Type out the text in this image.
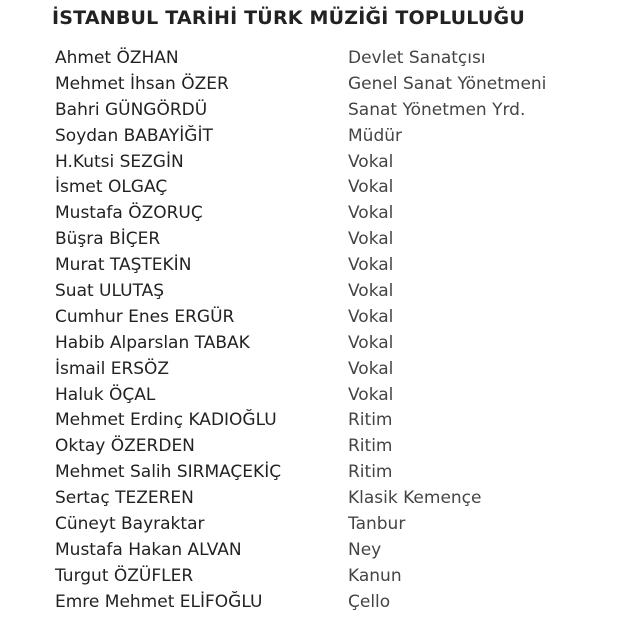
İSTANBUL TARİHİ TÜRK MÜZİĞİ TOPLULUĞU
Ahmet ÖZHAN	Devlet Sanatçısı
Mehmet İhsan ÖZER	Genel Sanat Yönetmeni
Bahri GÜNGÖRDÜ	Sanat Yönetmen Yrd.
Soydan BABAYİĞİT	Müdür
H.Kutsi SEZGİN	Vokal
İsmet OLGAÇ	Vokal
Mustafa ÖZORUÇ	Vokal
Büşra BİÇER	Vokal
Murat TAŞTEKİN	Vokal
Suat ULUTAŞ	Vokal
Cumhur Enes ERGÜR	Vokal
Habib Alparslan TABAK	Vokal
İsmail ERSÖZ	Vokal
Haluk ÖÇAL	Vokal
Mehmet Erdinç KADIOĞLU	Ritim
Oktay ÖZERDEN	Ritim
Mehmet Salih SIRMAÇEKİÇ	Ritim
Sertaç TEZEREN	Klasik Kemençe
Cüneyt Bayraktar	Tanbur
Mustafa Hakan ALVAN	Ney
Turgut ÖZÜFLER	Kanun
Emre Mehmet ELİFOĞLU	Çello
